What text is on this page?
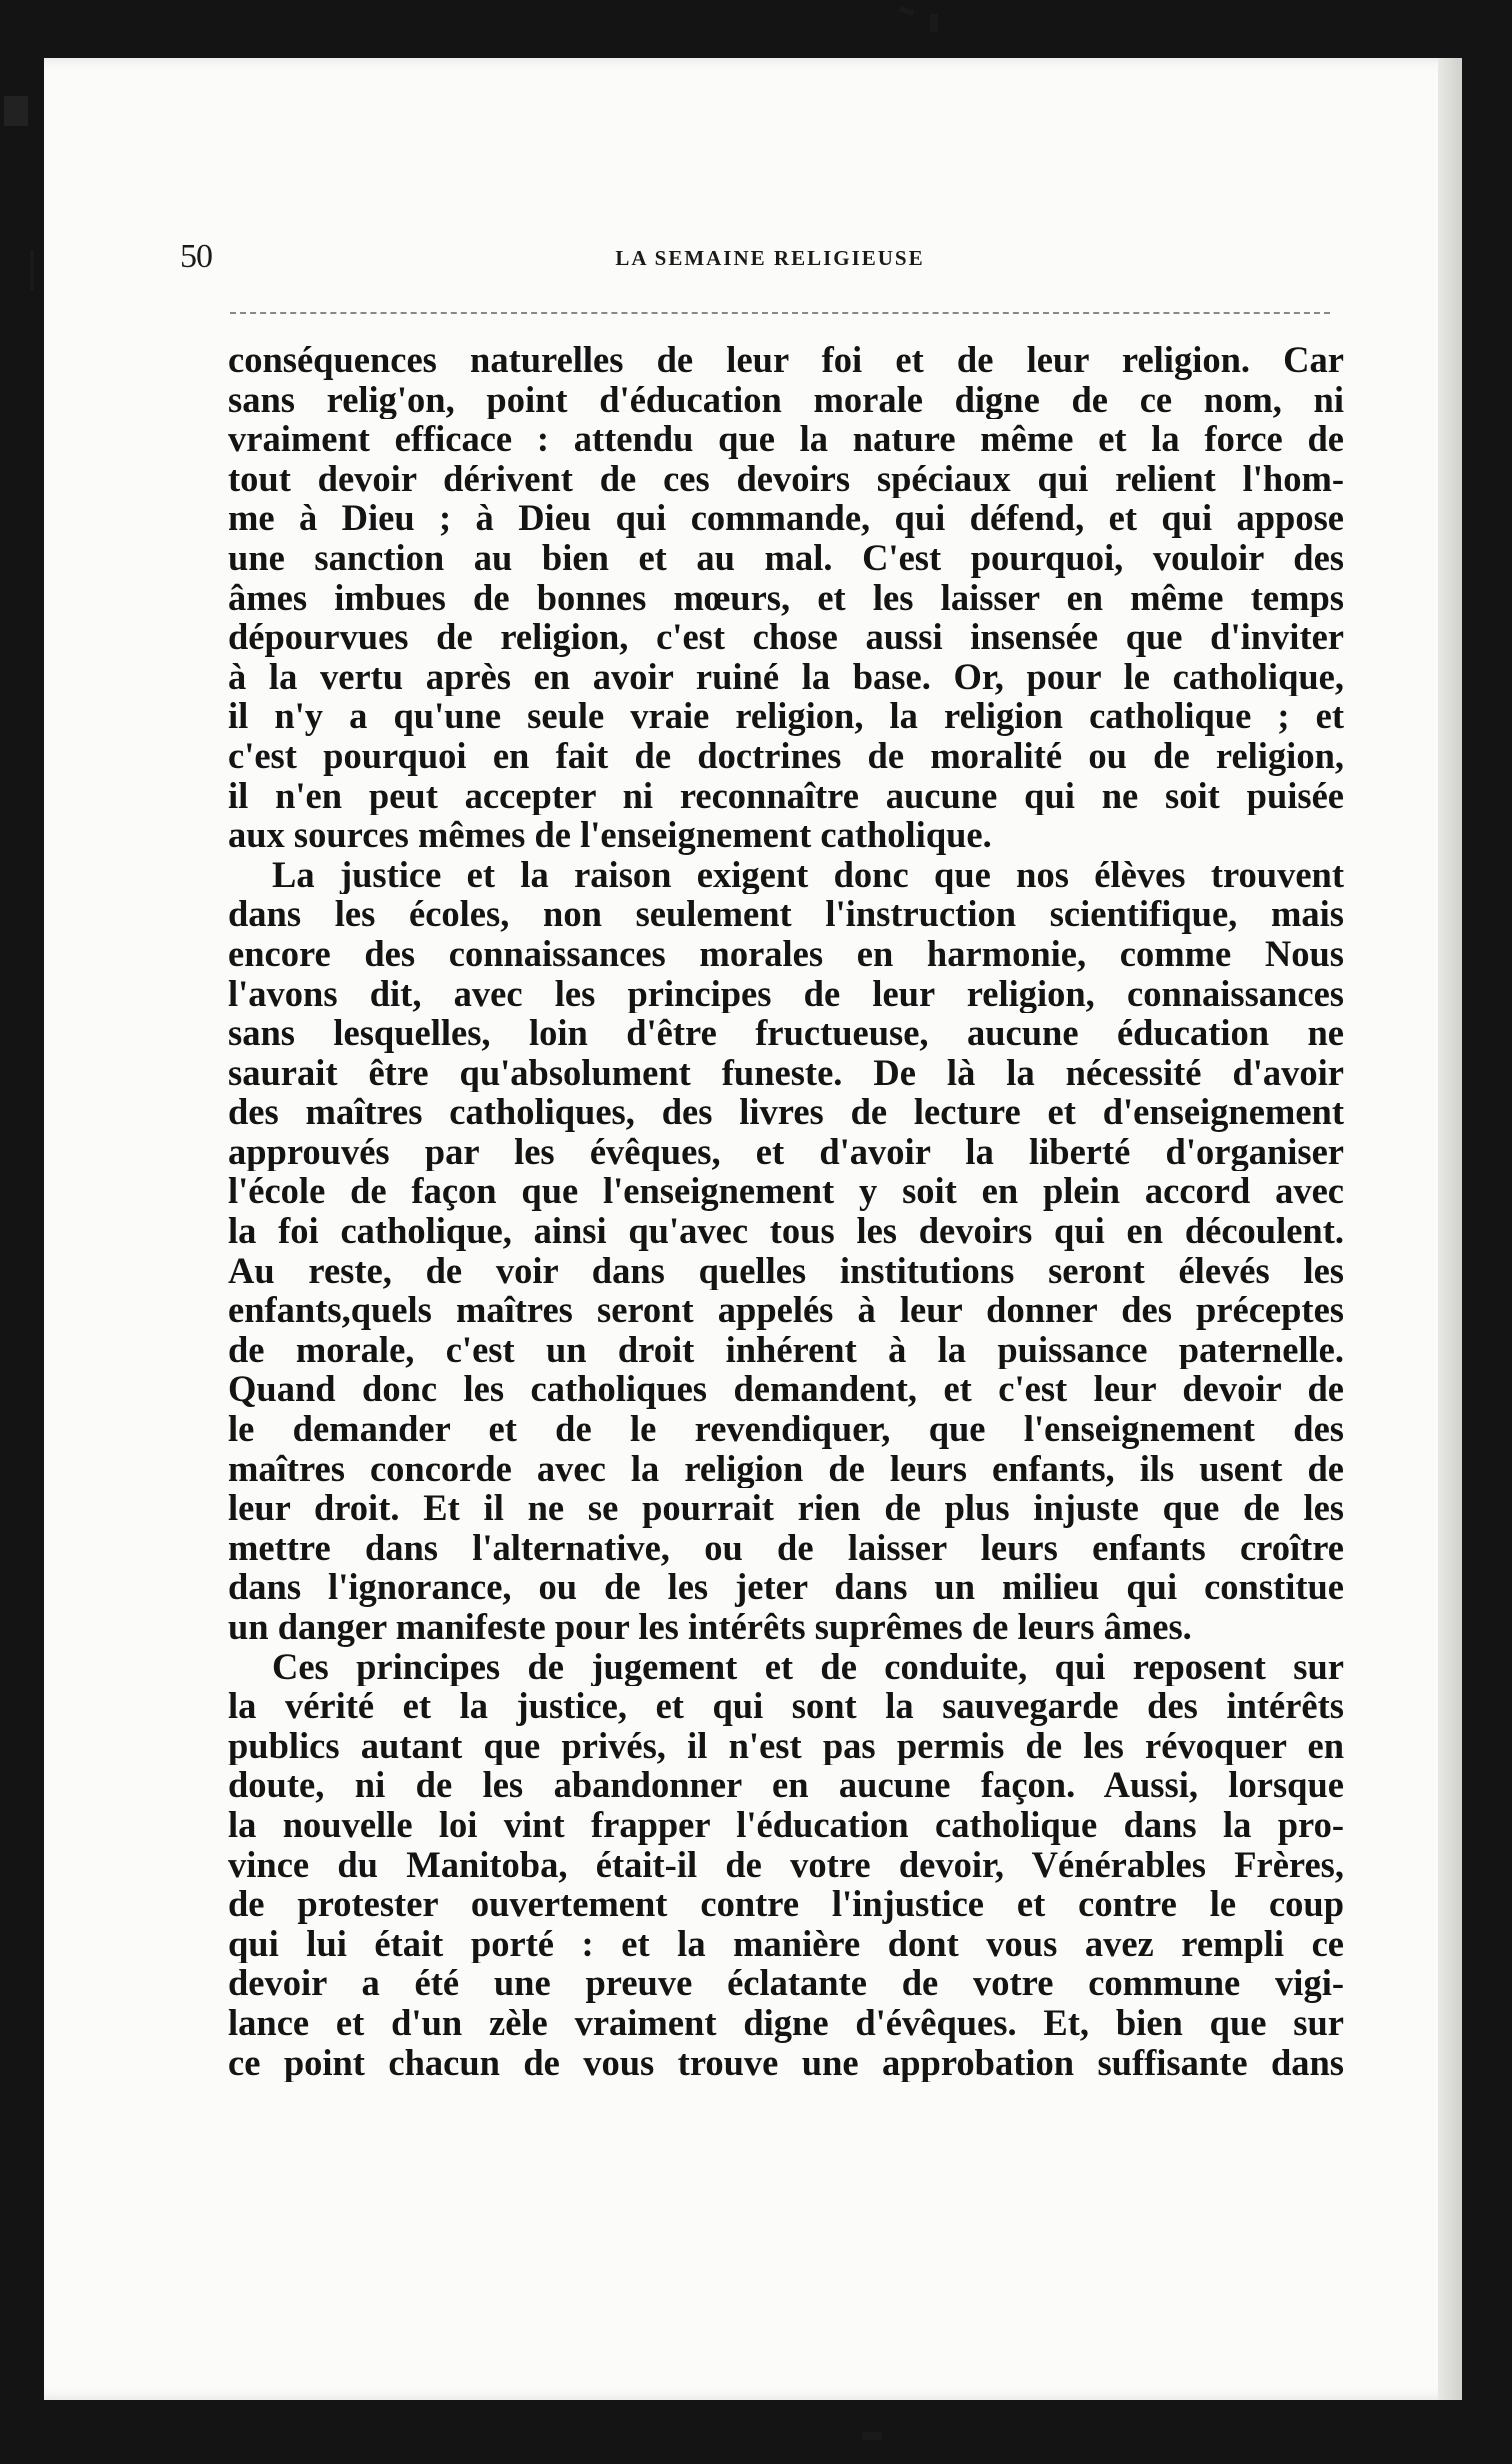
50	LA SEMAINE RELIGIEUSE

conséquences naturelles de leur foi et de leur religion. Car
sans relig'on, point d'éducation morale digne de ce nom, ni
vraiment efficace : attendu que la nature même et la force de
tout devoir dérivent de ces devoirs spéciaux qui relient l'hom-
me à Dieu ; à Dieu qui commande, qui défend, et qui appose
une sanction au bien et au mal. C'est pourquoi, vouloir des
âmes imbues de bonnes mœurs, et les laisser en même temps
dépourvues de religion, c'est chose aussi insensée que d'inviter
à la vertu après en avoir ruiné la base. Or, pour le catholique,
il n'y a qu'une seule vraie religion, la religion catholique ; et
c'est pourquoi en fait de doctrines de moralité ou de religion,
il n'en peut accepter ni reconnaître aucune qui ne soit puisée
aux sources mêmes de l'enseignement catholique.

La justice et la raison exigent donc que nos élèves trouvent
dans les écoles, non seulement l'instruction scientifique, mais
encore des connaissances morales en harmonie, comme Nous
l'avons dit, avec les principes de leur religion, connaissances
sans lesquelles, loin d'être fructueuse, aucune éducation ne
saurait être qu'absolument funeste. De là la nécessité d'avoir
des maîtres catholiques, des livres de lecture et d'enseignement
approuvés par les évêques, et d'avoir la liberté d'organiser
l'école de façon que l'enseignement y soit en plein accord avec
la foi catholique, ainsi qu'avec tous les devoirs qui en découlent.
Au reste, de voir dans quelles institutions seront élevés les
enfants,quels maîtres seront appelés à leur donner des préceptes
de morale, c'est un droit inhérent à la puissance paternelle.
Quand donc les catholiques demandent, et c'est leur devoir de
le demander et de le revendiquer, que l'enseignement des
maîtres concorde avec la religion de leurs enfants, ils usent de
leur droit. Et il ne se pourrait rien de plus injuste que de les
mettre dans l'alternative, ou de laisser leurs enfants croître
dans l'ignorance, ou de les jeter dans un milieu qui constitue
un danger manifeste pour les intérêts suprêmes de leurs âmes.

Ces principes de jugement et de conduite, qui reposent sur
la vérité et la justice, et qui sont la sauvegarde des intérêts
publics autant que privés, il n'est pas permis de les révoquer en
doute, ni de les abandonner en aucune façon. Aussi, lorsque
la nouvelle loi vint frapper l'éducation catholique dans la pro-
vince du Manitoba, était-il de votre devoir, Vénérables Frères,
de protester ouvertement contre l'injustice et contre le coup
qui lui était porté : et la manière dont vous avez rempli ce
devoir a été une preuve éclatante de votre commune vigi-
lance et d'un zèle vraiment digne d'évêques. Et, bien que sur
ce point chacun de vous trouve une approbation suffisante dans
